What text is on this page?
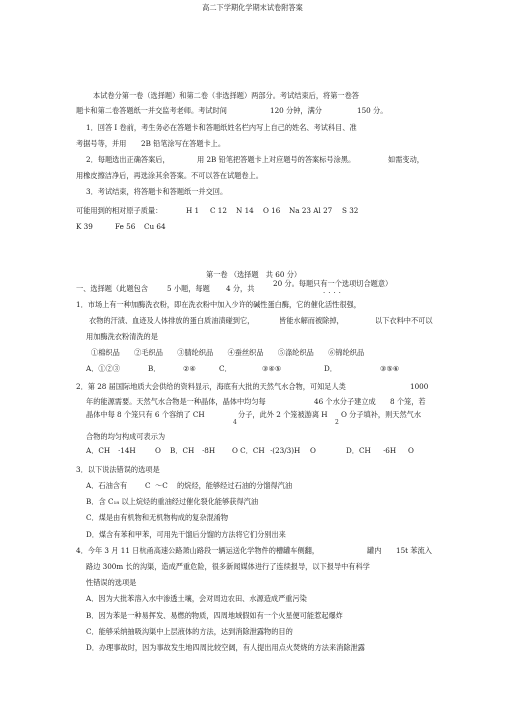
高二下学期化学期末试卷附答案
本试卷分第一卷（选择题）和第二卷（非选择题）两部分。考试结束后，将第一卷答
题卡和第二卷答题纸一并交监考老师。考试时间	120 分钟，满分	150 分。
1．回答 I 卷前，考生务必在答题卡和答题纸姓名栏内写上自己的姓名、考试科目、准
考据号等，并用 2B 铅笔涂写在答题卡上。
2．每题选出正确答案后，	用 2B 铅笔把答题卡上对应题号的答案标号涂黑。	如需变动，
用橡皮擦洁净后，再选涂其余答案。不可以答在试题卷上。
3．考试结束，将答题卡和答题纸一并交回。
可能用到的相对原子质量：	H 1 C 12 N 14 O 16 Na 23 Al 27 S 32
K 39	Fe 56 Cu 64
第一卷 （选择题　共 60 分）
一、选择题（此题包含	5 小题，每题 4 分，共
20 分。每题只有一个选项切合题意）
····
1．市场上有一种加酶洗衣粉，即在洗衣粉中加入少许的碱性蛋白酶，它的催化活性很强，
衣物的汗渍、血迹及人体排放的蛋白质油渍碰到它，	皆能水解而被除掉，	以下衣料中不可以
用加酶洗衣粉清洗的是
①棉织品　　②毛织品　　③腈纶织品　　④蚕丝织品　　⑤涤纶织品　　⑥锦纶织品
A．①②③	B．	②④	C．	③④⑤	D．	③⑤⑥
2．第 28 届国际地质大会供给的资料显示，海底有大批的天然气水合物，可知足人类	1000
年的能源需要。天然气水合物是一种晶体，晶体中均匀每	46 个水分子建立成 8 个笼，若
晶体中每 8 个笼只有 6 个容纳了 CH	分子，此外 2 个笼被游离 H O 分子填补，则天然气水
4	2
合物的均匀构成可表示为
A．CH ·14H	O B．CH ·8H O C．CH ·(23/3)H O	D．CH ·6H O
3．以下说法错误的选项是
A．石油含有 C ～C 的烷烃，能够经过石油的分馏得汽油
B．含 C₁₈ 以上烷烃的重油经过催化裂化能够获得汽油
C．煤是由有机物和无机物构成的复杂混淆物
D．煤含有苯和甲苯，可用先干馏后分馏的方法将它们分别出来
4．今年 3 月 11 日杭甬高速公路萧山路段一辆运送化学物件的槽罐车侧翻，	罐内 15t 苯流入
路边 300m 长的沟渠，造成严重危险，很多新闻媒体进行了连续报导，以下报导中有科学
性错误的选项是
A．因为大批苯溶入水中渗透土壤，会对周边农田、水源造成严重污染
B．因为苯是一种易挥发、易燃的物质，四周地域假如有一个火星便可能惹起爆炸
C．能够采纳抽吸沟渠中上层液体的方法，达到消除泄露物的目的
D．办理事故时，因为事故发生地四周比较空阔，有人提出用点火焚烧的方法来消除泄露
